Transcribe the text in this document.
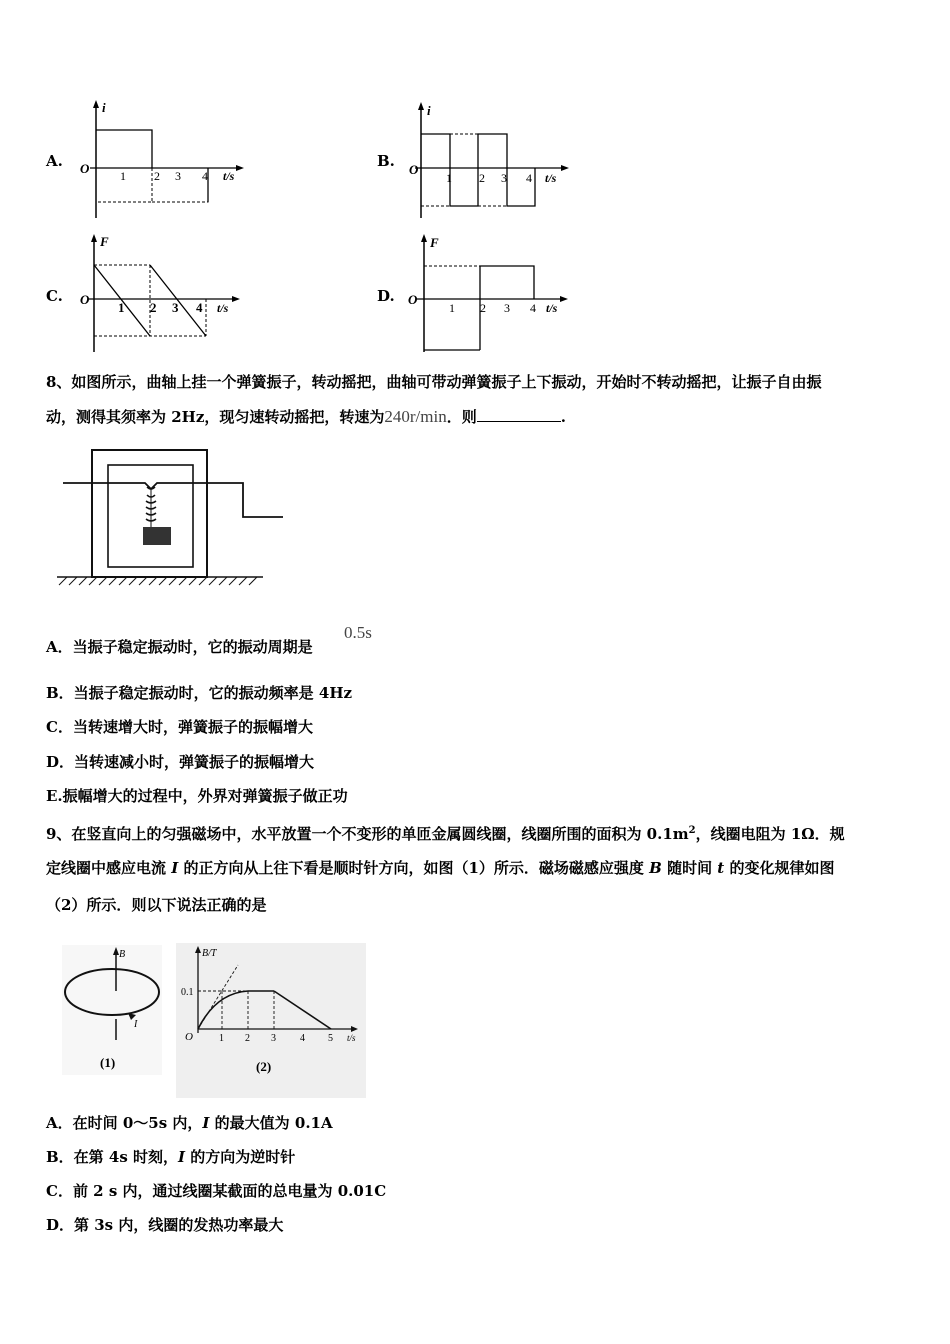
A.
i
O	t/s
1 2 3 4
B.
i
O
t/s
1 2 3 4
C.
F
O
t/s
1 2 3 4
D.
F
O
t/s
1 2 3 4
8、如图所示，曲轴上挂一个弹簧振子，转动摇把，曲轴可带动弹簧振子上下振动，开始时不转动摇把，让振子自由振
动，测得其须率为 2Hz，现匀速转动摇把，转速为240r/min．则	.
A．当振子稳定振动时，它的振动周期是
0.5s
B．当振子稳定振动时，它的振动频率是 4Hz
C．当转速增大时，弹簧振子的振幅增大
D．当转速减小时，弹簧振子的振幅增大
E.振幅增大的过程中，外界对弹簧振子做正功
9、在竖直向上的匀强磁场中，水平放置一个不变形的单匝金属圆线圈，线圈所围的面积为 $0.1m^2$，线圈电阻为 1Ω．规
定线圈中感应电流 I 的正方向从上往下看是顺时针方向，如图（1）所示．磁场磁感应强度 B 随时间 t 的变化规律如图
（2）所示．则以下说法正确的是
B
I
(1)
B/T
0.1
O	1 2 3 4 5 t/s
(2)
A．在时间 0～5s 内，I 的最大值为 0.1A
B．在第 4s 时刻，I 的方向为逆时针
C．前 2 s 内，通过线圈某截面的总电量为 0.01C
D．第 3s 内，线圈的发热功率最大
